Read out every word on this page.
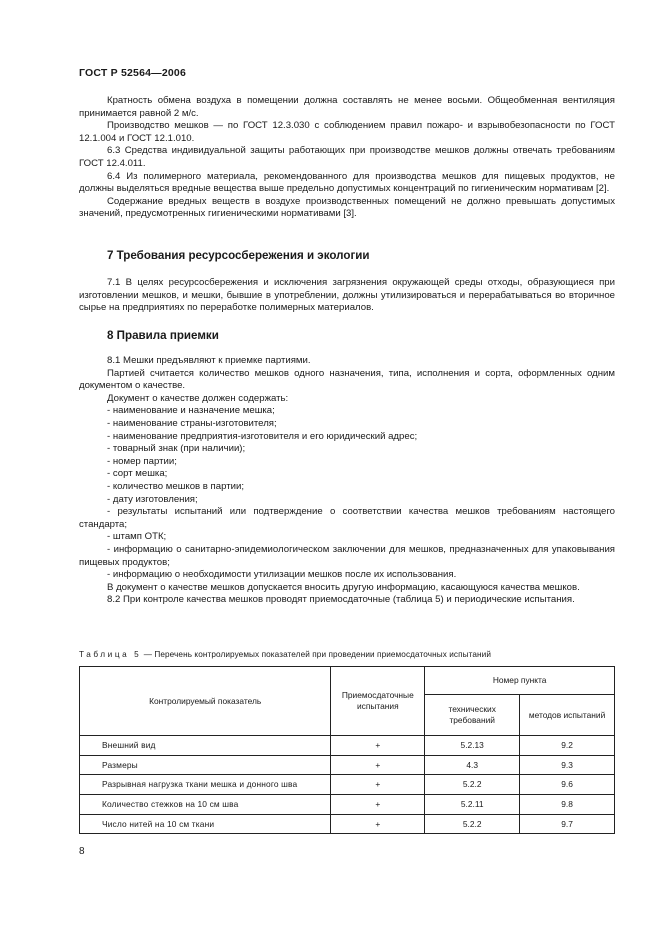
ГОСТ Р 52564—2006

Кратность обмена воздуха в помещении должна составлять не менее восьми. Общеобменная вентиляция принимается равной 2 м/с.

Производство мешков — по ГОСТ 12.3.030 с соблюдением правил пожаро- и взрывобезопасности по ГОСТ 12.1.004 и ГОСТ 12.1.010.

6.3 Средства индивидуальной защиты работающих при производстве мешков должны отвечать требованиям ГОСТ 12.4.011.

6.4 Из полимерного материала, рекомендованного для производства мешков для пищевых продуктов, не должны выделяться вредные вещества выше предельно допустимых концентраций по гигиеническим нормативам [2].

Содержание вредных веществ в воздухе производственных помещений не должно превышать допустимых значений, предусмотренных гигиеническими нормативами [3].

7 Требования ресурсосбережения и экологии

7.1 В целях ресурсосбережения и исключения загрязнения окружающей среды отходы, образующиеся при изготовлении мешков, и мешки, бывшие в употреблении, должны утилизироваться и перерабатываться во вторичное сырье на предприятиях по переработке полимерных материалов.

8 Правила приемки

8.1 Мешки предъявляют к приемке партиями.

Партией считается количество мешков одного назначения, типа, исполнения и сорта, оформленных одним документом о качестве.

Документ о качестве должен содержать:

- наименование и назначение мешка;

- наименование страны-изготовителя;

- наименование предприятия-изготовителя и его юридический адрес;

- товарный знак (при наличии);

- номер партии;

- сорт мешка;

- количество мешков в партии;

- дату изготовления;

- результаты испытаний или подтверждение о соответствии качества мешков требованиям настоящего стандарта;

- штамп ОТК;

- информацию о санитарно-эпидемиологическом заключении для мешков, предназначенных для упаковывания пищевых продуктов;

- информацию о необходимости утилизации мешков после их использования.

В документ о качестве мешков допускается вносить другую информацию, касающуюся качества мешков.

8.2 При контроле качества мешков проводят приемосдаточные (таблица 5) и периодические испытания.

Таблица 5 — Перечень контролируемых показателей при проведении приемосдаточных испытаний
Контролируемый показатель	Приемосдаточные испытания	Номер пункта	
		технических требований	методов испытаний
Внешний вид	+	5.2.13	9.2
Размеры	+	4.3	9.3
Разрывная нагрузка ткани мешка и донного шва	+	5.2.2	9.6
Количество стежков на 10 см шва	+	5.2.11	9.8
Число нитей на 10 см ткани	+	5.2.2	9.7
8
